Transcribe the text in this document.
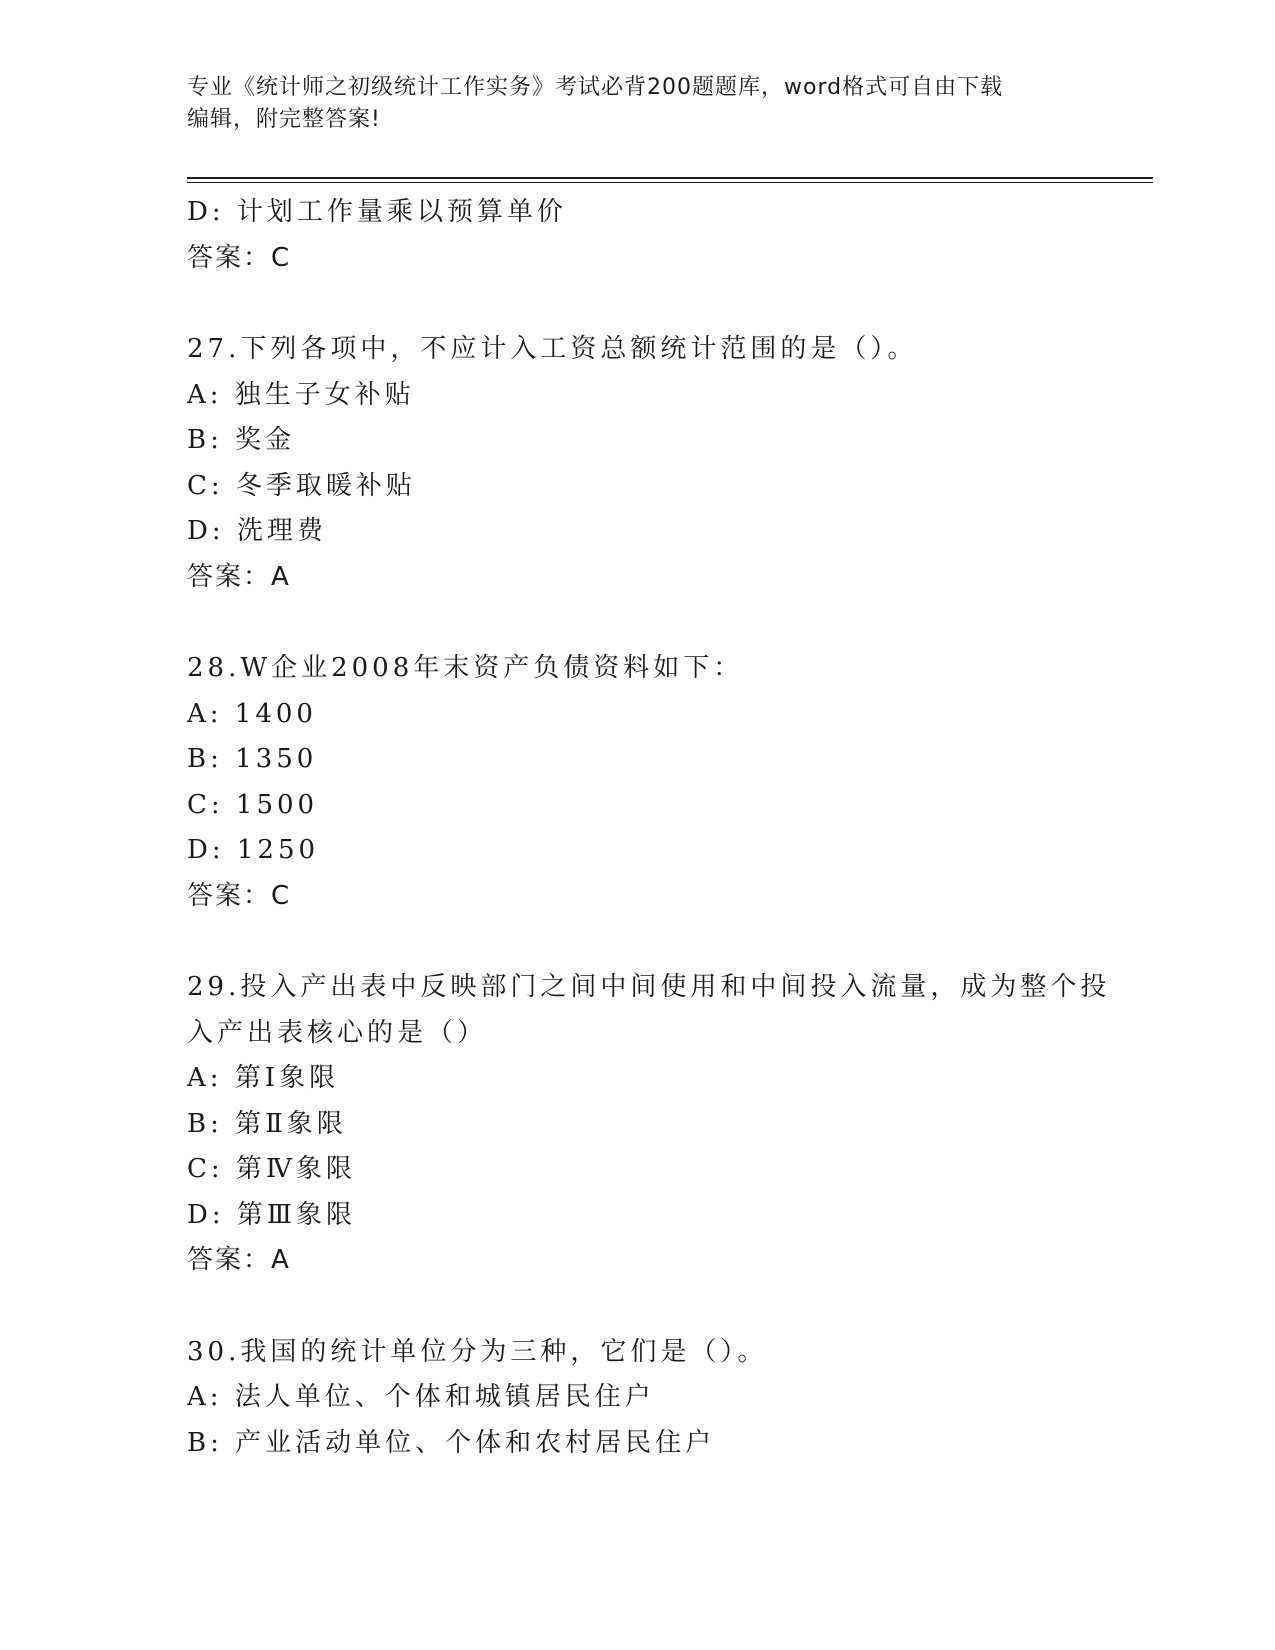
专业《统计师之初级统计工作实务》考试必背200题题库，word格式可自由下载
编辑，附完整答案!
D: 计划工作量乘以预算单价
答案：C
27.下列各项中，不应计入工资总额统计范围的是（）。
A: 独生子女补贴
B: 奖金
C: 冬季取暖补贴
D: 洗理费
答案：A
28.W企业2008年末资产负债资料如下：
A: 1400
B: 1350
C: 1500
D: 1250
答案：C
29.投入产出表中反映部门之间中间使用和中间投入流量，成为整个投
入产出表核心的是（）
A: 第Ⅰ象限
B: 第Ⅱ象限
C: 第Ⅳ象限
D: 第Ⅲ象限
答案：A
30.我国的统计单位分为三种，它们是（）。
A: 法人单位、个体和城镇居民住户
B: 产业活动单位、个体和农村居民住户
